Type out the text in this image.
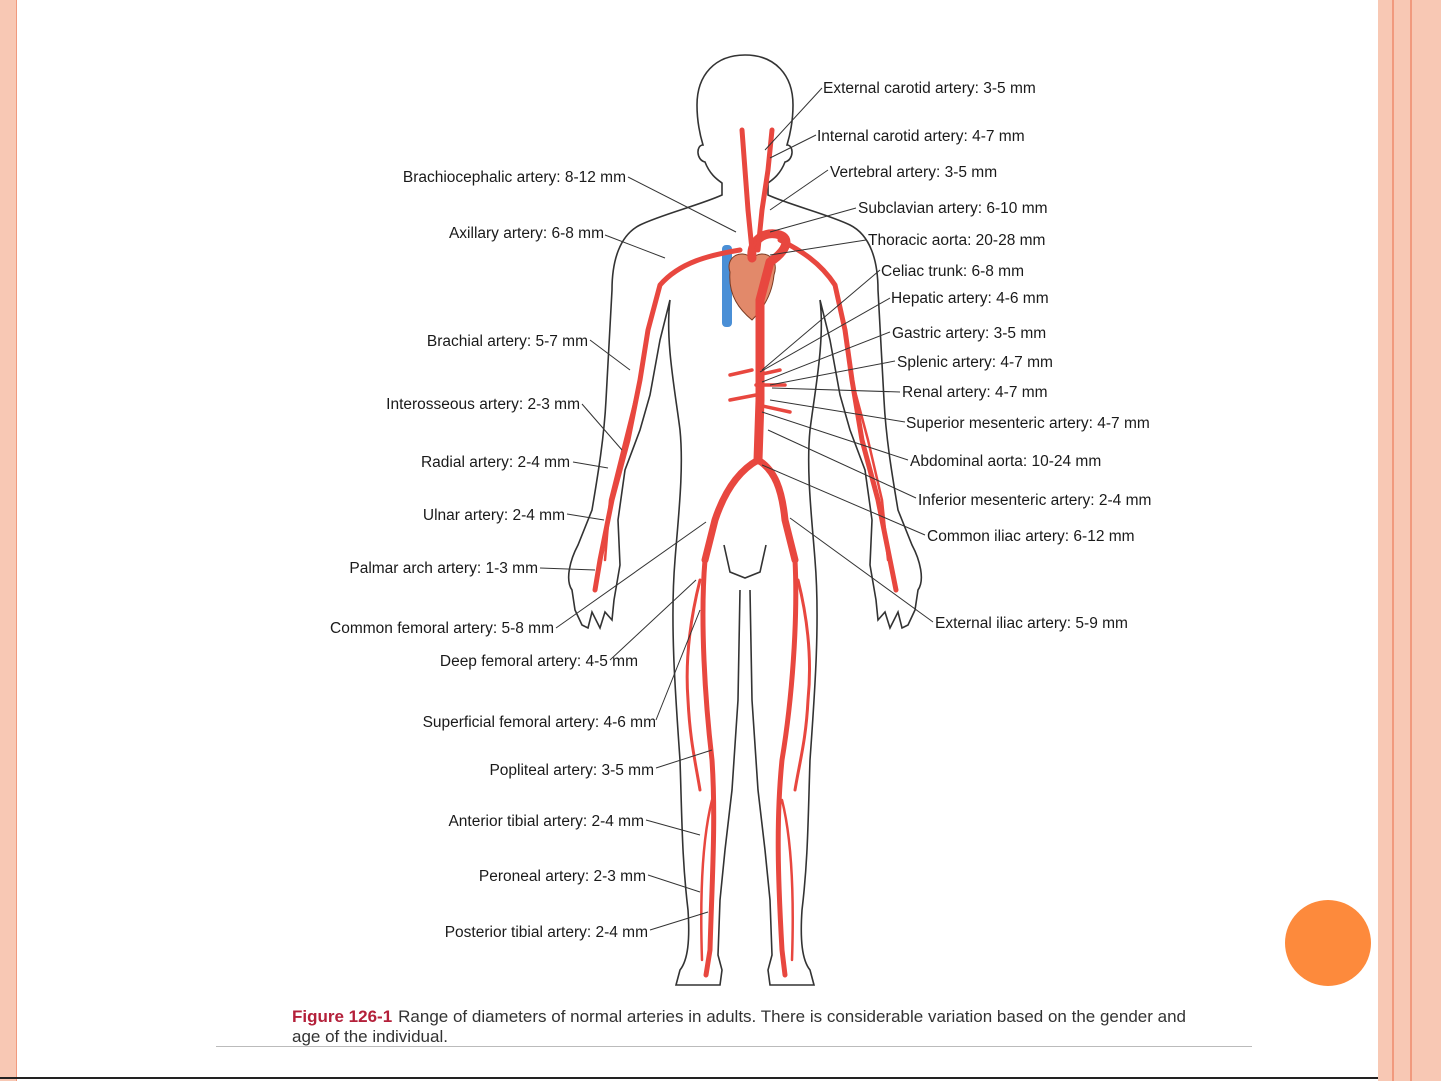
Brachiocephalic artery: 8-12 mm
Axillary artery: 6-8 mm
Brachial artery: 5-7 mm
Interosseous artery: 2-3 mm
Radial artery: 2-4 mm
Ulnar artery: 2-4 mm
Palmar arch artery: 1-3 mm
Common femoral artery: 5-8 mm
Deep femoral artery: 4-5 mm
Superficial femoral artery: 4-6 mm
Popliteal artery: 3-5 mm
Anterior tibial artery: 2-4 mm
Peroneal artery: 2-3 mm
Posterior tibial artery: 2-4 mm
External carotid artery: 3-5 mm
Internal carotid artery: 4-7 mm
Vertebral artery: 3-5 mm
Subclavian artery: 6-10 mm
Thoracic aorta: 20-28 mm
Celiac trunk: 6-8 mm
Hepatic artery: 4-6 mm
Gastric artery: 3-5 mm
Splenic artery: 4-7 mm
Renal artery: 4-7 mm
Superior mesenteric artery: 4-7 mm
Abdominal aorta: 10-24 mm
Inferior mesenteric artery: 2-4 mm
Common iliac artery: 6-12 mm
External iliac artery: 5-9 mm
Figure 126-1 Range of diameters of normal arteries in adults. There is considerable variation based on the gender and age of the individual.
